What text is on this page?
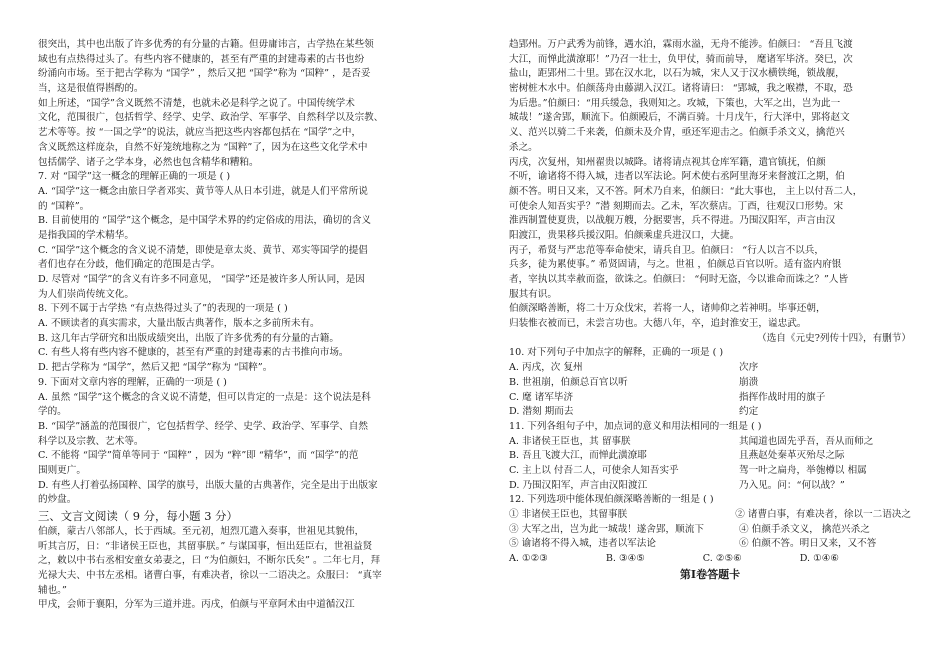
很突出，其中也出版了许多优秀的有分量的古籍。但毋庸讳言，古学热在某些领
域也有点热得过头了。有些内容不健康的，甚至有严重的封建毒素的古书也纷
纷涌向市场。至于把古学称为 “国学” ，然后又把 “国学”称为 “国粹” ，是否妥
当，这是很值得斟酌的。
如上所述，“国学”含义既然不清楚，也就未必是科学之说了。中国传统学术
文化，范围很广，包括哲学、经学、史学、政治学、军事学、自然科学以及宗教、
艺术等等。按 “一国之学”的说法，就应当把这些内容都包括在 “国学”之中，
含义既然这样庞杂，自然不好笼统地称之为 “国粹”了，因为在这些文化学术中
包括儒学、诸子之学本身，必然也包含精华和糟粕。
7. 对 “国学”这一概念的理解正确的一项是 ( )
A. “国学”这一概念由旅日学者邓实、黄节等人从日本引进，就是人们平常所说
的 “国粹”。
B. 目前使用的 “国学”这个概念，是中国学术界的约定俗成的用法，确切的含义
是指我国的学术精华。
C. “国学”这个概念的含义说不清楚，即使是章太炎、黄节、邓实等国学的提倡
者们也存在分歧，他们确定的范围是古学。
D. 尽管对 “国学”的含义有许多不同意见， “国学”还是被许多人所认同，是因
为人们崇尚传统文化。
8. 下列不属于古学热 “有点热得过头了”的表现的一项是 ( )
A. 不顾读者的真实需求，大量出版古典著作，版本之多前所未有。
B. 这几年古学研究和出版成绩突出，出版了许多优秀的有分量的古籍。
C. 有些人将有些内容不健康的，甚至有严重的封建毒素的古书推向市场。
D. 把古学称为 “国学”，然后又把 “国学”称为 “国粹”。
9. 下面对文章内容的理解，正确的一项是 ( )
A. 虽然 “国学”这个概念的含义说不清楚，但可以肯定的一点是：这个说法是科
学的。
B. “国学”涵盖的范围很广，它包括哲学、经学、史学、政治学、军事学、自然
科学以及宗教、艺术等。
C. 不能将 “国学”简单等同于 “国粹” ，因为 “粹”即 “精华”，而 “国学”的范
围则更广。
D. 有些人打着弘扬国粹、国学的旗号，出版大量的古典著作，完全是出于出版家
的炒盘。
三、文言文阅读（ 9 分，每小题 3 分）
伯颜，蒙古八邻部人，长于西域。至元初，旭烈兀遣入奏事，世祖见其貌伟，
听其言厉，日：“非诸侯王臣也，其留事朕。” 与谋国事，恒出廷臣右，世祖益贤
之，敕以中书右丞相安童女弟妻之，曰 “为伯颜妇，不断尔氏矣” 。二年七月，拜
光禄大夫、中书左丞相。诸曹白事，有难决者，徐以一二语决之。众服曰： “真宰
辅也。”
甲戌，会师于襄阳，分军为三道并进。丙戌，伯颜与平章阿术由中道循汉江
趋郢州。万户武秀为前锋，遇水泊，霖雨水溢，无舟不能涉。伯颜曰： “吾且飞渡
大江，而惮此潢潦耶！”乃召一壮士，负甲仗，骑而前导， 麾诸军毕济。癸巳，次
盐山，距郢州二十里。郢在汉水北，以石为城，宋人又于汉水横铁绳，锁战舰，
密树桩木水中。伯颜荡舟由藤湖入汉江。诸将请曰： “郢城，我之喉襟，不取，恐
为后患。”伯颜曰：“用兵缓急，我则知之。攻城，下策也，大军之出，岂为此一
城哉！”遂舍郢，顺流下。伯颜殿后，不满百骑。十月戊午，行大泽中，郢将赵文
义、范兴以骑二千来袭，伯颜未及介胄，亟还军迎击之。伯颜手杀文义，擒范兴
杀之。
丙戌，次复州，知州翟贵以城降。诸将请点视其仓库军籍，遣官镇抚，伯颜
不听，谕诸将不得入城，违者以军法论。阿术使右丞阿里海牙来督渡江之期，伯
颜不答。明日又来，又不答。阿术乃自来，伯颜曰：“此大事也， 主上以付吾二人，
可使余人知吾实乎？”潜 刻期而去。乙未，军次蔡店。丁酉，往观汉口形势。宋
淮西制置使夏贵，以战舰万艘，分据要害，兵不得进。乃围汉阳军，声言由汉
阳渡江，贵果移兵援汉阳。伯颜乘虚兵进汉口，大捷。
丙子，希贤与严忠范等奉命使宋，请兵自卫。伯颜曰： “行人以言不以兵，
兵多，徒为累使事。” 希贤固请，与之。世祖 ，伯颜总百官以听。适有盗内府银
者，宰执以其幸赦而盗，欲诛之。伯颜曰： “何时无盗，今以谁命而诛之？”人皆
服其有识。
伯颜深略善断，将二十万众伐宋，若将一人，诸帅仰之若神明。毕事还朝，
归装惟衣被而已，未尝言功也。大德八年，卒，追封淮安王，谥忠武。
（选自《元史?列传十四》，有删节）
10. 对下列句子中加点字的解释，正确的一项是 ( )
A. 丙戌，次 复州	次序
B. 世祖崩，伯颜总百官以听	崩溃
C. 麾 诸军毕济	指挥作战时用的旗子
D. 潜刻 期而去	约定
11. 下列各组句子中，加点词的意义和用法相同的一组是 ( )
A. 非诸侯王臣也，其 留事朕	其闻道也固先乎吾，吾从而师之
B. 吾且飞渡大江，而惮此潢潦耶	且燕赵处秦革灭殆尽之际
C. 主上以 付吾二人，可使余人知吾实乎	驾一叶之扁舟，举匏樽以 相属
D. 乃围汉阳军，声言由汉阳渡江	乃入见。问：“何以战？”
12. 下列选项中能体现伯颜深略善断的一组是 ( )
① 非诸侯王臣也，其留事朕	② 诸曹白事，有难决者，徐以一二语决之
③ 大军之出，岂为此一城哉！遂舍郢，顺流下	④ 伯颜手杀文义， 擒范兴杀之
⑤ 谕诸将不得入城，违者以军法论	⑥ 伯颜不答。明日又来，又不答
A. ①②③	B. ③④⑤	C. ②⑤⑥	D. ①④⑥
第Ⅰ卷答题卡
